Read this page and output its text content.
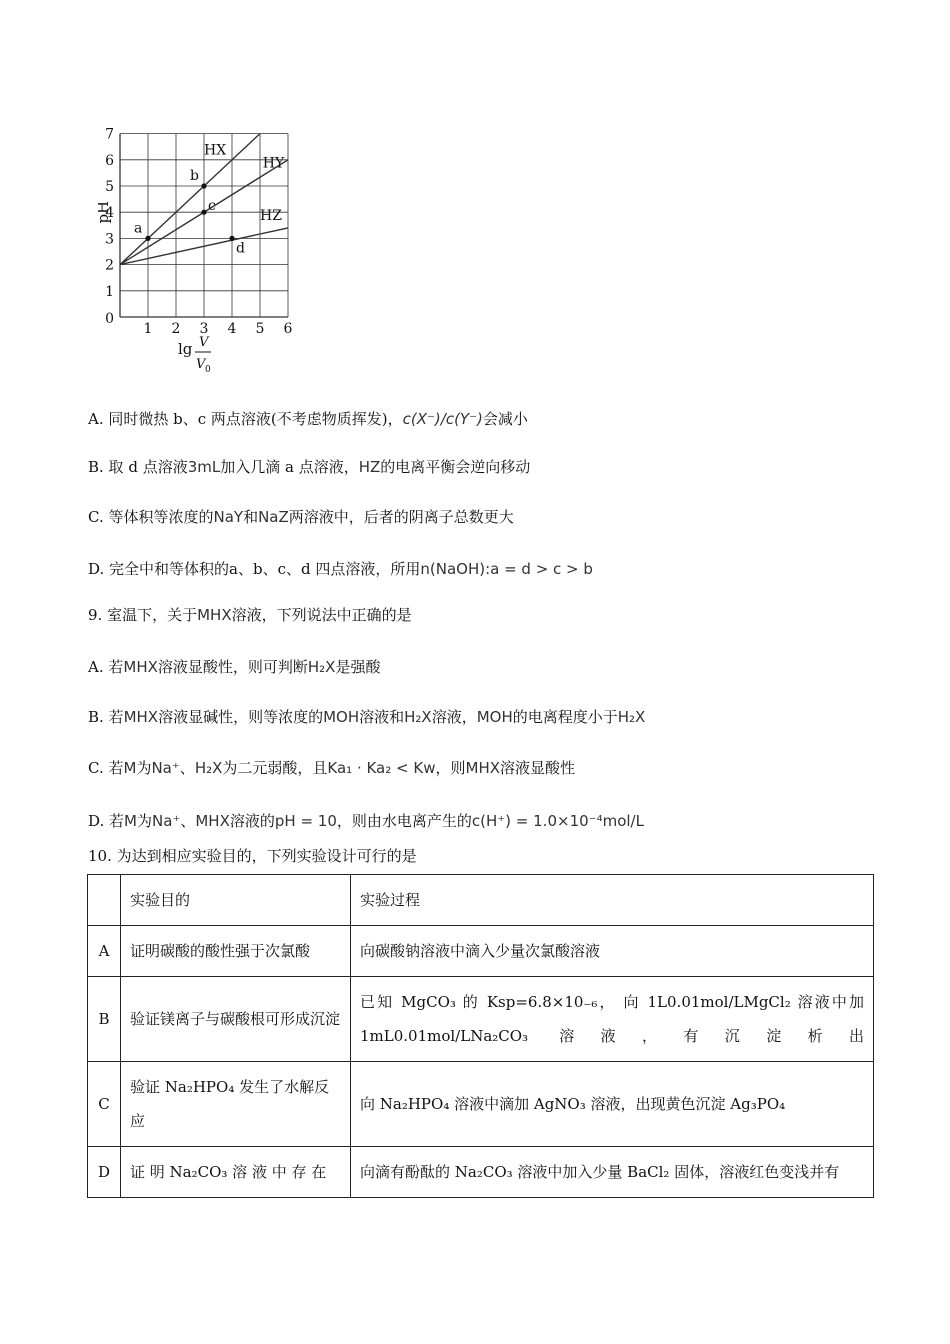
1
2
3
4
5
6
7
0
1 2 3 4 5 6
pH
lg V
V 0
HX
HY
HZ
a
b
c
d
A. 同时微热 b、c 两点溶液(不考虑物质挥发)，c(X⁻)/c(Y⁻)会减小
B. 取 d 点溶液3mL加入几滴 a 点溶液，HZ的电离平衡会逆向移动
C. 等体积等浓度的NaY和NaZ两溶液中，后者的阴离子总数更大
D. 完全中和等体积的a、b、c、d 四点溶液，所用n(NaOH):a = d > c > b
9. 室温下，关于MHX溶液，下列说法中正确的是
A. 若MHX溶液显酸性，则可判断H₂X是强酸
B. 若MHX溶液显碱性，则等浓度的MOH溶液和H₂X溶液，MOH的电离程度小于H₂X
C. 若M为Na⁺、H₂X为二元弱酸，且Ka₁ · Ka₂ < Kw，则MHX溶液显酸性
D. 若M为Na⁺、MHX溶液的pH = 10，则由水电离产生的c(H⁺) = 1.0×10⁻⁴mol/L
10. 为达到相应实验目的，下列实验设计可行的是
	实验目的	实验过程
A	证明碳酸的酸性强于次氯酸	向碳酸钠溶液中滴入少量次氯酸溶液
B	验证镁离子与碳酸根可形成沉淀	已知 MgCO₃ 的 Ksp=6.8×10₋₆， 向 1L0.01mol/LMgCl₂ 溶液中加 1mL0.01mol/LNa₂CO₃ 溶液，有沉淀析出
C	验证 Na₂HPO₄ 发生了水解反应	向 Na₂HPO₄ 溶液中滴加 AgNO₃ 溶液，出现黄色沉淀 Ag₃PO₄
D	证 明 Na₂CO₃ 溶 液 中 存 在	向滴有酚酞的 Na₂CO₃ 溶液中加入少量 BaCl₂ 固体，溶液红色变浅并有
